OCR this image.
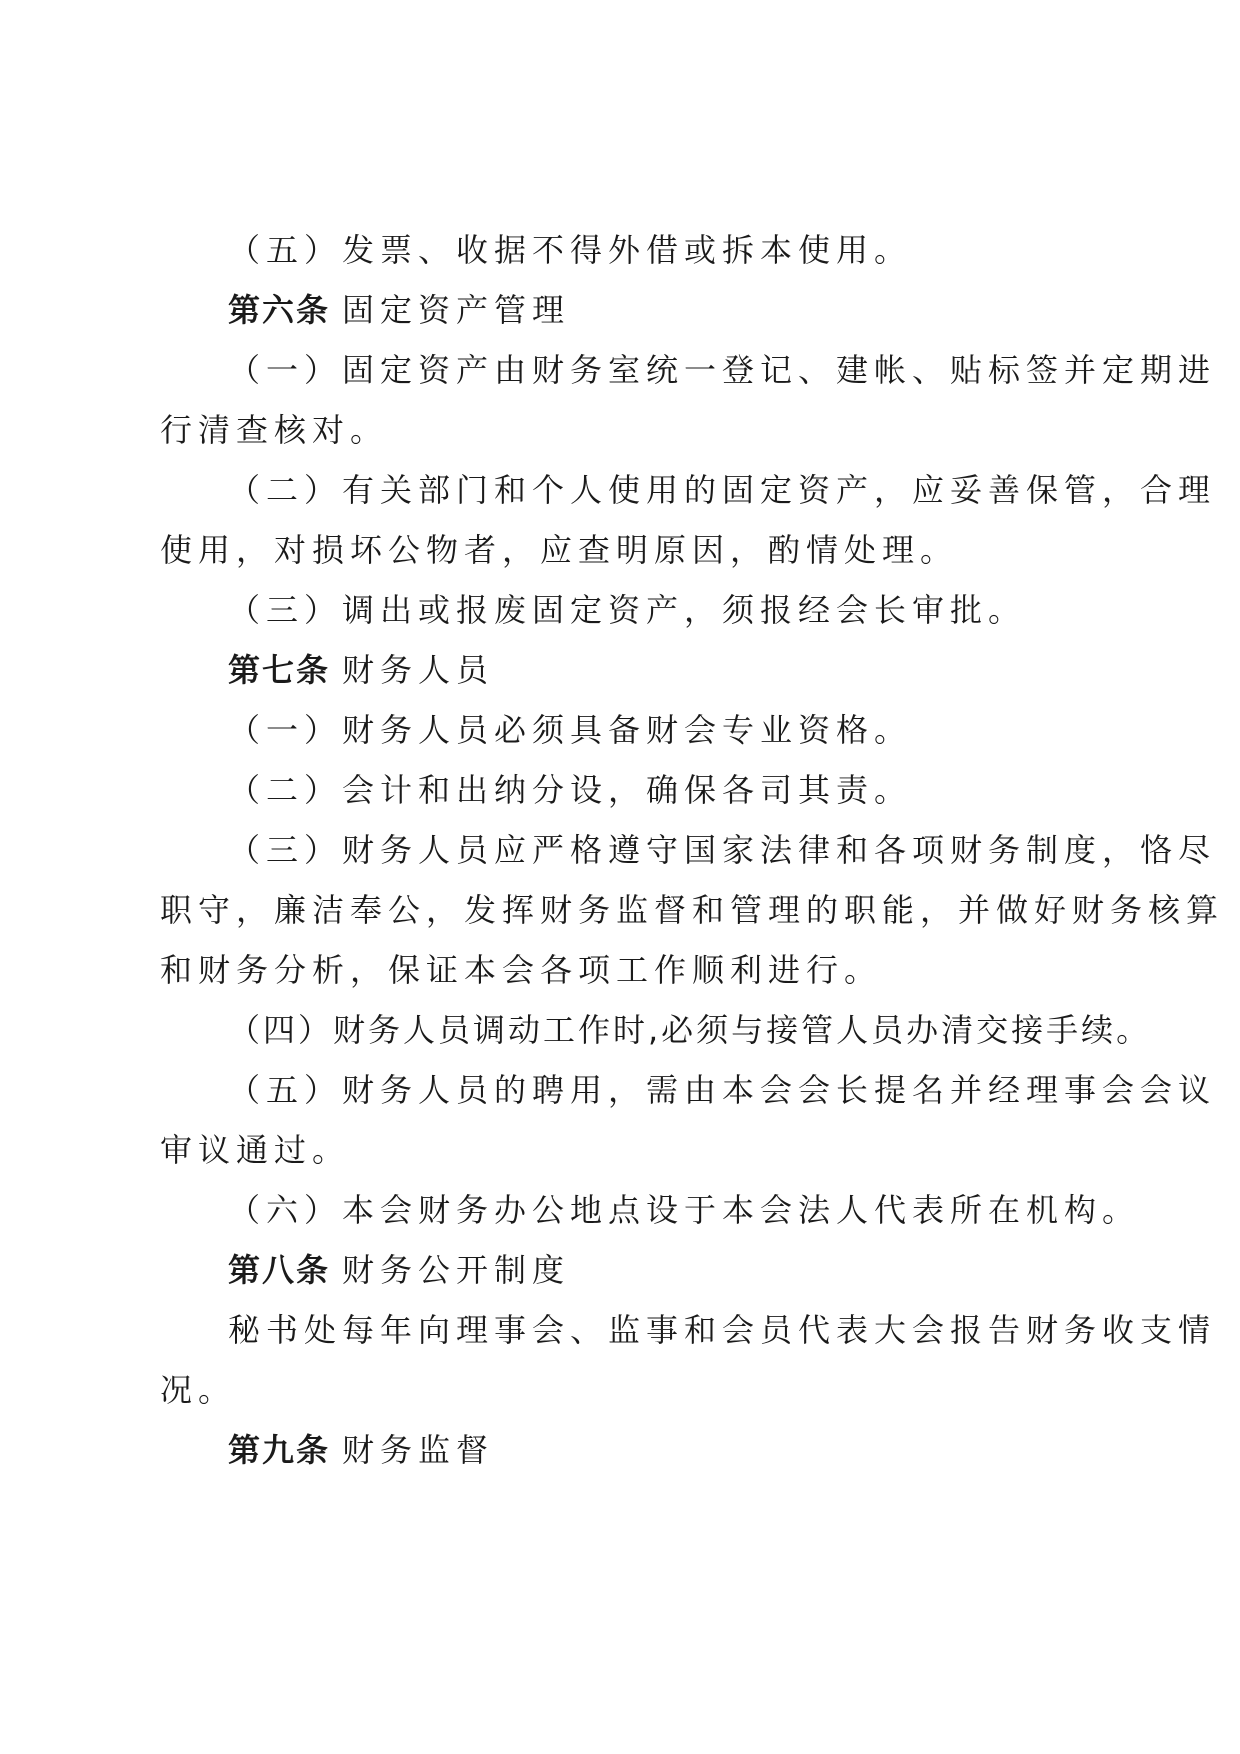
（五）发票、收据不得外借或拆本使用。
第六条 固定资产管理
（一）固定资产由财务室统一登记、建帐、贴标签并定期进
行清查核对。
（二）有关部门和个人使用的固定资产，应妥善保管，合理
使用，对损坏公物者，应查明原因，酌情处理。
（三）调出或报废固定资产，须报经会长审批。
第七条 财务人员
（一）财务人员必须具备财会专业资格。
（二）会计和出纳分设，确保各司其责。
（三）财务人员应严格遵守国家法律和各项财务制度，恪尽
职守，廉洁奉公，发挥财务监督和管理的职能，并做好财务核算
和财务分析，保证本会各项工作顺利进行。
（四）财务人员调动工作时,必须与接管人员办清交接手续。
（五）财务人员的聘用，需由本会会长提名并经理事会会议
审议通过。
（六）本会财务办公地点设于本会法人代表所在机构。
第八条 财务公开制度
秘书处每年向理事会、监事和会员代表大会报告财务收支情
况。
第九条 财务监督
